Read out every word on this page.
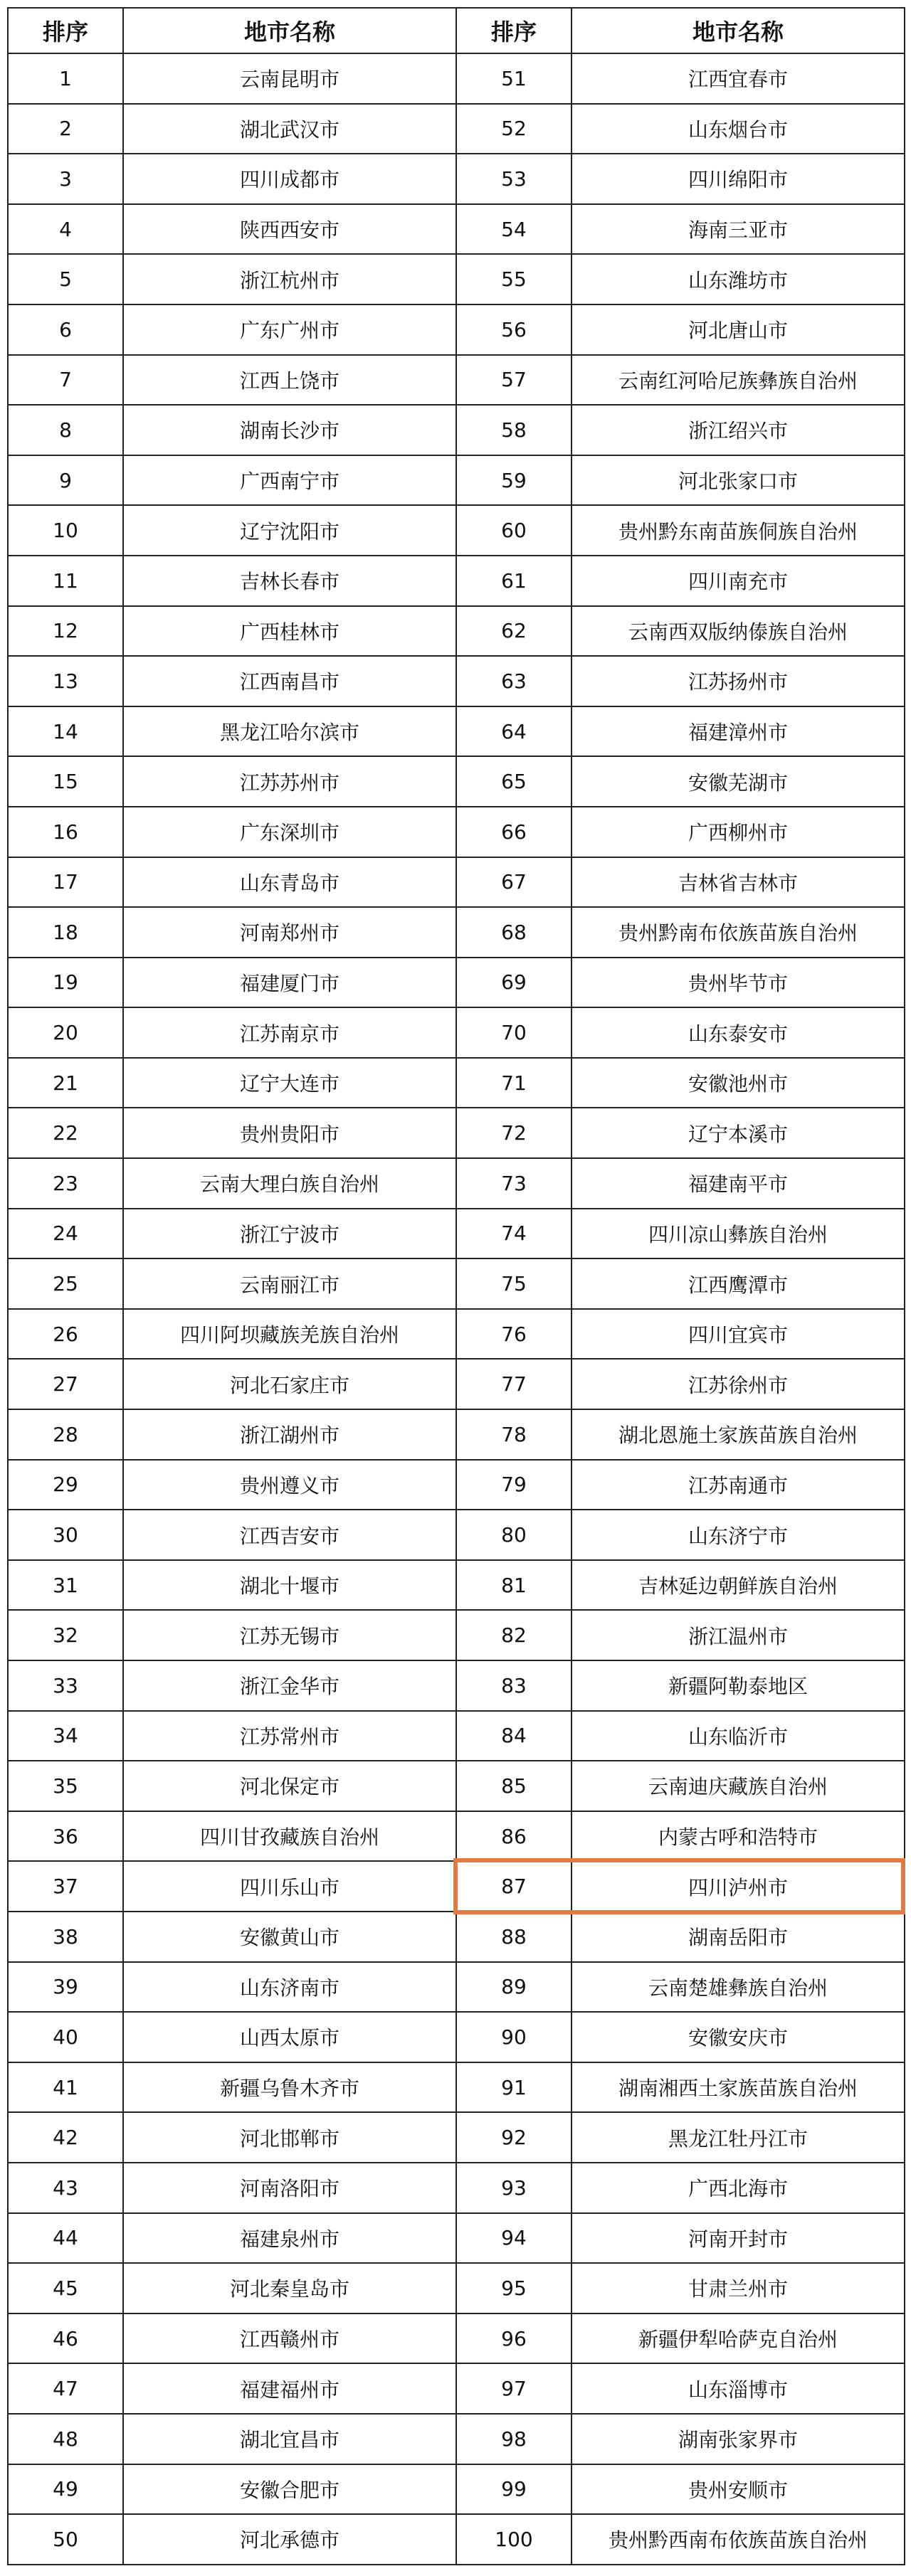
排序	地市名称	排序	地市名称
1	云南昆明市	51	江西宜春市
2	湖北武汉市	52	山东烟台市
3	四川成都市	53	四川绵阳市
4	陕西西安市	54	海南三亚市
5	浙江杭州市	55	山东潍坊市
6	广东广州市	56	河北唐山市
7	江西上饶市	57	云南红河哈尼族彝族自治州
8	湖南长沙市	58	浙江绍兴市
9	广西南宁市	59	河北张家口市
10	辽宁沈阳市	60	贵州黔东南苗族侗族自治州
11	吉林长春市	61	四川南充市
12	广西桂林市	62	云南西双版纳傣族自治州
13	江西南昌市	63	江苏扬州市
14	黑龙江哈尔滨市	64	福建漳州市
15	江苏苏州市	65	安徽芜湖市
16	广东深圳市	66	广西柳州市
17	山东青岛市	67	吉林省吉林市
18	河南郑州市	68	贵州黔南布依族苗族自治州
19	福建厦门市	69	贵州毕节市
20	江苏南京市	70	山东泰安市
21	辽宁大连市	71	安徽池州市
22	贵州贵阳市	72	辽宁本溪市
23	云南大理白族自治州	73	福建南平市
24	浙江宁波市	74	四川凉山彝族自治州
25	云南丽江市	75	江西鹰潭市
26	四川阿坝藏族羌族自治州	76	四川宜宾市
27	河北石家庄市	77	江苏徐州市
28	浙江湖州市	78	湖北恩施土家族苗族自治州
29	贵州遵义市	79	江苏南通市
30	江西吉安市	80	山东济宁市
31	湖北十堰市	81	吉林延边朝鲜族自治州
32	江苏无锡市	82	浙江温州市
33	浙江金华市	83	新疆阿勒泰地区
34	江苏常州市	84	山东临沂市
35	河北保定市	85	云南迪庆藏族自治州
36	四川甘孜藏族自治州	86	内蒙古呼和浩特市
37	四川乐山市	87	四川泸州市
38	安徽黄山市	88	湖南岳阳市
39	山东济南市	89	云南楚雄彝族自治州
40	山西太原市	90	安徽安庆市
41	新疆乌鲁木齐市	91	湖南湘西土家族苗族自治州
42	河北邯郸市	92	黑龙江牡丹江市
43	河南洛阳市	93	广西北海市
44	福建泉州市	94	河南开封市
45	河北秦皇岛市	95	甘肃兰州市
46	江西赣州市	96	新疆伊犁哈萨克自治州
47	福建福州市	97	山东淄博市
48	湖北宜昌市	98	湖南张家界市
49	安徽合肥市	99	贵州安顺市
50	河北承德市	100	贵州黔西南布依族苗族自治州
